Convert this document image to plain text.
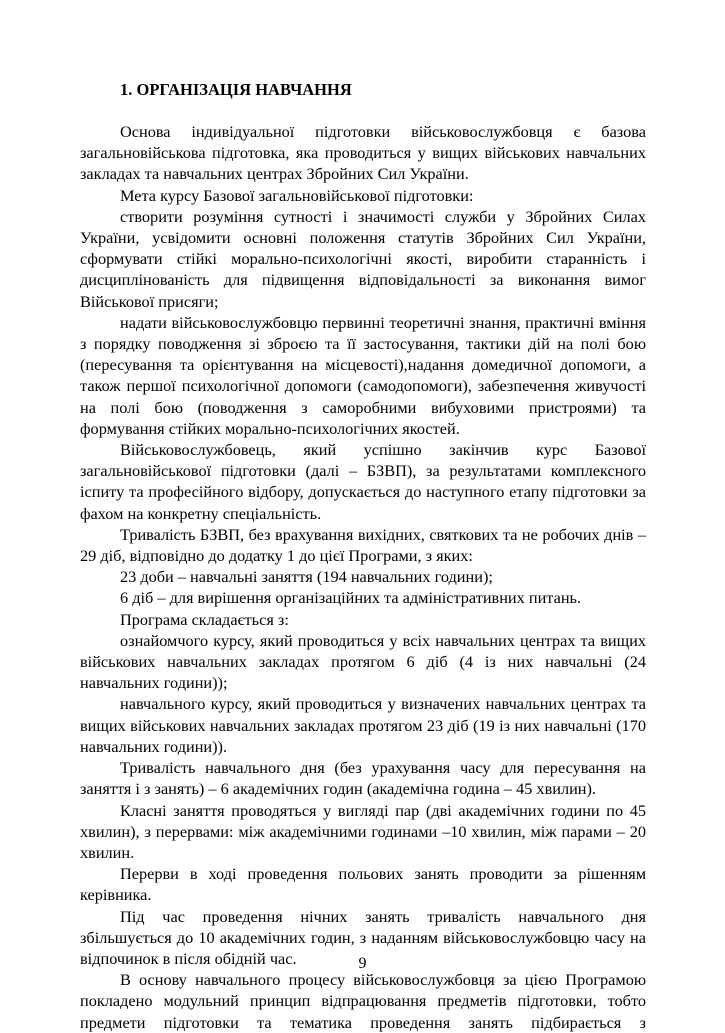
1. ОРГАНІЗАЦІЯ НАВЧАННЯ

Основа індивідуальної підготовки військовослужбовця є базова загальновійськова підготовка, яка проводиться у вищих військових навчальних закладах та навчальних центрах Збройних Сил України.

Мета курсу Базової загальновійськової підготовки:

створити розуміння сутності і значимості служби у Збройних Силах України, усвідомити основні положення статутів Збройних Сил України, сформувати стійкі морально-психологічні якості, виробити старанність і дисциплінованість для підвищення відповідальності за виконання вимог Військової присяги;

надати військовослужбовцю первинні теоретичні знання, практичні вміння з порядку поводження зі зброєю та її застосування, тактики дій на полі бою (пересування та орієнтування на місцевості),надання домедичної допомоги, а також першої психологічної допомоги (самодопомоги), забезпечення живучості на полі бою (поводження з саморобними вибуховими пристроями) та формування стійких морально-психологічних якостей.

Військовослужбовець, який успішно закінчив курс Базової загальновійськової підготовки (далі – БЗВП), за результатами комплексного іспиту та професійного відбору, допускається до наступного етапу підготовки за фахом на конкретну спеціальність.

Тривалість БЗВП, без врахування вихідних, святкових та не робочих днів – 29 діб, відповідно до додатку 1 до цієї Програми, з яких:

23 доби – навчальні заняття (194 навчальних години);

6 діб – для вирішення організаційних та адміністративних питань.

Програма складається з:

ознайомчого курсу, який проводиться у всіх навчальних центрах та вищих військових навчальних закладах протягом 6 діб (4 із них навчальні (24 навчальних години));

навчального курсу, який проводиться у визначених навчальних центрах та вищих військових навчальних закладах протягом 23 діб (19 із них навчальні (170 навчальних години)).

Тривалість навчального дня (без урахування часу для пересування на заняття і з занять) – 6 академічних годин (академічна година – 45 хвилин).

Класні заняття проводяться у вигляді пар (дві академічних години по 45 хвилин), з перервами: між академічними годинами –10 хвилин, між парами – 20 хвилин.

Перерви в ході проведення польових занять проводити за рішенням керівника.

Під час проведення нічних занять тривалість навчального дня збільшується до 10 академічних годин, з наданням військовослужбовцю часу на відпочинок в після обідній час.

В основу навчального процесу військовослужбовця за цією Програмою покладено модульний принцип відпрацювання предметів підготовки, тобто предмети підготовки та тематика проведення занять підбирається з

9
